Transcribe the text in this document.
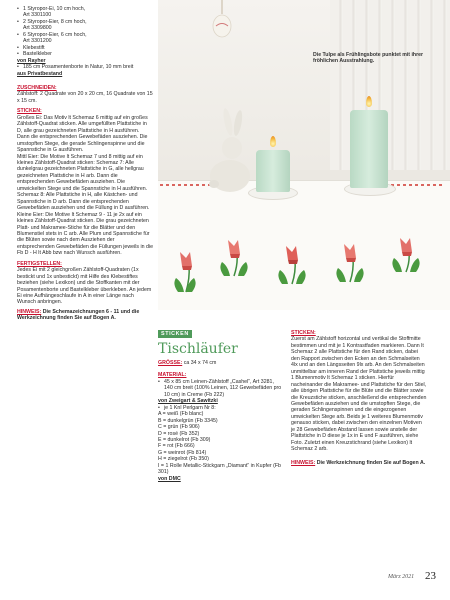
• 1 Styropor-Ei, 10 cm hoch,
Art 3301100
• 2 Styropor-Eier, 8 cm hoch,
Art 3309800
• 6 Styropor-Eier, 6 cm hoch,
Art 3301200
• Klebestift
• Bastelkleber
von Rayher
• 185 cm Posamentenborte in Natur, 10 mm breit
aus Privatbestand
ZUSCHNEIDEN:
Zählstoff: 2 Quadrate von 20 x 20 cm, 16 Quadrate von 15 x 15 cm.
STICKEN:
Großes Ei: Das Motiv lt Schemaz 6 mittig auf ein großes Zählstoff-Quadrat sticken. Alle umgefüllten Plattstiche in D, alle grau gezeichneten Plattstiche in H ausführen. Dann die entsprechenden Gewebefäden ausziehen. Die umstopften Stege, die gerade Schlingenspinne und die Spannstiche in G ausführen.
Mittl Eier: Die Motive lt Schemaz 7 und 8 mittig auf ein kleines Zählstoff-Quadrat sticken: Schemaz 7: Alle dunkelgrau gezeichneten Plattstiche in G, alle hellgrau gezeichneten Plattstiche in H arb. Dann die entsprechenden Gewebefäden ausziehen. Die umwickelten Stege und die Spannstiche in H ausführen.
Schemaz 8: Alle Plattstiche in H, alle Kästchen- und Spannstiche in D arb. Dann die entsprechenden Gewebefäden ausziehen und die Füllung in D ausführen.
Kleine Eier: Die Motive lt Schemaz 9 - 11 je 2x auf ein kleines Zählstoff-Quadrat sticken. Die grau gezeichneten Platt- und Makramee-Stiche für die Blätter und den Blumenstiel stets in C arb. Alle Plum und Spannstiche für die Blüten sowie nach dem Ausziehen der entsprechenden Gewebefäden die Füllungen jeweils in die Fb D - H lt Abb bzw nach Wunsch ausführen.
FERTIGSTELLEN:
Jedes Ei mit 2 gleichgroßen Zählstoff-Quadraten (1x bestickt und 1x unbestickt) mit Hilfe des Klebestiftes beziehen (siehe Lexikon) und die Stoffkanten mit der Posamentenborte und Bastelkleber überkleben. An jedem Ei eine Aufhängeschlaufe in A in einer Länge nach Wunsch anbringen.
HINWEIS: Die Schemazeichnungen 6 - 11 und die Werkzeichnung finden Sie auf Bogen A.
Die Tulpe als Frühlingsbote punktet mit ihrer fröhlichen Ausstrahlung.
STICKEN
Tischläufer
GRÖSSE: ca 34 x 74 cm
MATERIAL:
• 45 x 85 cm Leinen-Zählstoff „Cashel“, Art 3281, 140 cm breit (100% Leinen, 112 Gewebefäden pro 10 cm) in Creme (Fb 222)
von Zweigart & Sawitzki
• je 1 Knl Perlgarn Nr 8:
A = weiß (Fb blanc)
B = dunkelgrün (Fb 3345)
C = grün (Fb 906)
D = rosé (Fb 352)
E = dunkelrot (Fb 309)
F = rot (Fb 666)
G = weinrot (Fb 814)
H = ziegelrot (Fb 350)
I = 1 Rolle Metallic-Stickgarn „Diamant“ in Kupfer (Fb 301)
von DMC
STICKEN:
Zuerst am Zählstoff horizontal und vertikal die Stoffmitte bestimmen und mit je 1 Kontrastfaden markieren. Dann lt Schemaz 2 alle Plattstiche für den Rand sticken, dabei den Rapport zwischen den Ecken an den Schmalseiten 4lx und an den Längsseiten 9lx arb. An den Schmalseiten unmittelbar am inneren Rand der Plattstiche jeweils mittig 1 Blumenmotiv lt Schemaz 1 sticken. Hierfür nacheinander die Makramee- und Plattstiche für den Stiel, alle übrigen Plattstiche für die Blüte und die Blätter sowie die Kreuzstiche sticken, anschließend die entsprechenden Gewebefäden ausziehen und die umstopften Stege, die geraden Schlingenspinnen und die eingezogenen umwickelten Stege arb. Beids je 1 weiteres Blumenmotiv genauso sticken, dabei zwischen den einzelnen Motiven je 28 Gewebefäden Abstand lassen sowie anstelle der Plattstiche in D diese je 1x in E und F ausführen, siehe Foto. Zuletzt einen Kreuzstichrand (siehe Lexikon) lt Schemaz 2 arb.
HINWEIS: Die Werkzeichnung finden Sie auf Bogen A.
März 2021 23
